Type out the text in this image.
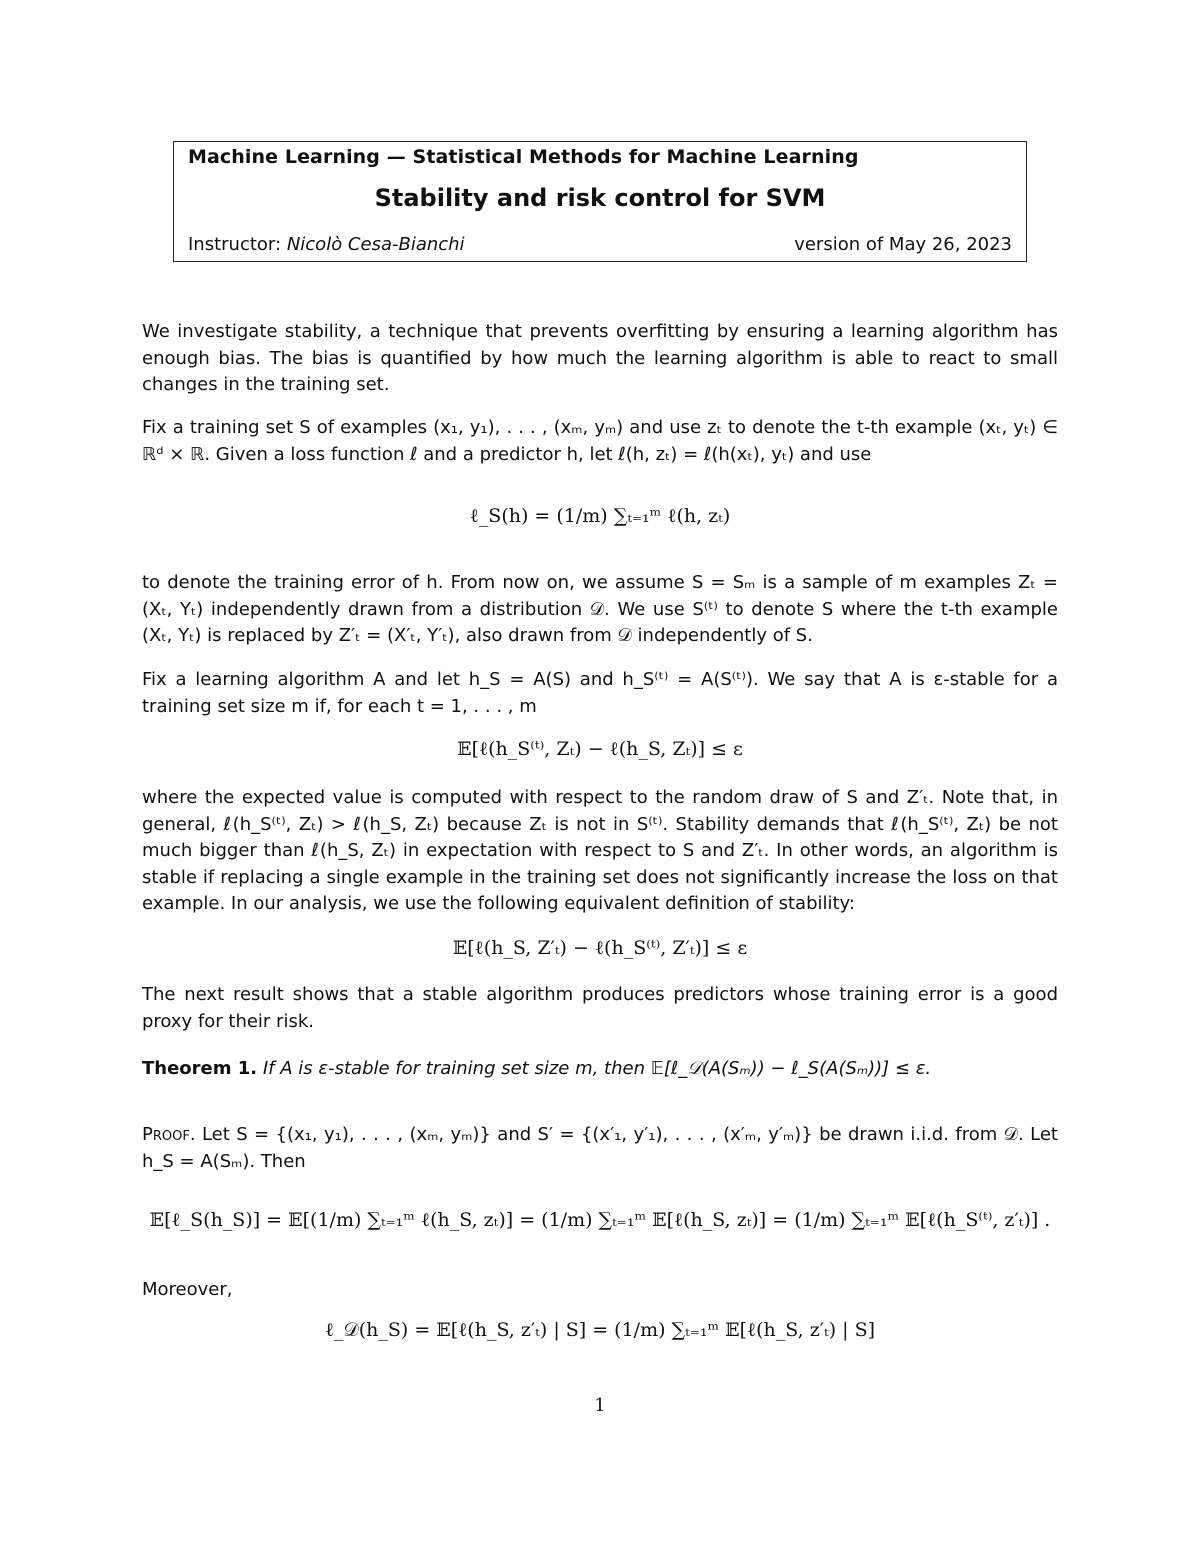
Machine Learning — Statistical Methods for Machine Learning
Stability and risk control for SVM
Instructor: Nicolò Cesa-Bianchi	version of May 26, 2023
We investigate stability, a technique that prevents overfitting by ensuring a learning algorithm has enough bias. The bias is quantified by how much the learning algorithm is able to react to small changes in the training set.
Fix a training set S of examples (x₁, y₁), . . . , (xₘ, yₘ) and use zₜ to denote the t-th example (xₜ, yₜ) ∈ ℝᵈ × ℝ. Given a loss function ℓ and a predictor h, let ℓ(h, zₜ) = ℓ(h(xₜ), yₜ) and use
ℓ_S(h) = (1/m) ∑ₜ₌₁ᵐ ℓ(h, zₜ)
to denote the training error of h. From now on, we assume S = Sₘ is a sample of m examples Zₜ = (Xₜ, Yₜ) independently drawn from a distribution 𝒟. We use S⁽ᵗ⁾ to denote S where the t-th example (Xₜ, Yₜ) is replaced by Z′ₜ = (X′ₜ, Y′ₜ), also drawn from 𝒟 independently of S.
Fix a learning algorithm A and let h_S = A(S) and h_S⁽ᵗ⁾ = A(S⁽ᵗ⁾). We say that A is ε-stable for a training set size m if, for each t = 1, . . . , m
𝔼[ℓ(h_S⁽ᵗ⁾, Zₜ) − ℓ(h_S, Zₜ)] ≤ ε
where the expected value is computed with respect to the random draw of S and Z′ₜ. Note that, in general, ℓ(h_S⁽ᵗ⁾, Zₜ) > ℓ(h_S, Zₜ) because Zₜ is not in S⁽ᵗ⁾. Stability demands that ℓ(h_S⁽ᵗ⁾, Zₜ) be not much bigger than ℓ(h_S, Zₜ) in expectation with respect to S and Z′ₜ. In other words, an algorithm is stable if replacing a single example in the training set does not significantly increase the loss on that example. In our analysis, we use the following equivalent definition of stability:
𝔼[ℓ(h_S, Z′ₜ) − ℓ(h_S⁽ᵗ⁾, Z′ₜ)] ≤ ε
The next result shows that a stable algorithm produces predictors whose training error is a good proxy for their risk.
Theorem 1. If A is ε-stable for training set size m, then 𝔼[ℓ_𝒟(A(Sₘ)) − ℓ_S(A(Sₘ))] ≤ ε.
Proof. Let S = {(x₁, y₁), . . . , (xₘ, yₘ)} and S′ = {(x′₁, y′₁), . . . , (x′ₘ, y′ₘ)} be drawn i.i.d. from 𝒟. Let h_S = A(Sₘ). Then
𝔼[ℓ_S(h_S)] = 𝔼[(1/m) ∑ₜ₌₁ᵐ ℓ(h_S, zₜ)] = (1/m) ∑ₜ₌₁ᵐ 𝔼[ℓ(h_S, zₜ)] = (1/m) ∑ₜ₌₁ᵐ 𝔼[ℓ(h_S⁽ᵗ⁾, z′ₜ)] .
Moreover,
ℓ_𝒟(h_S) = 𝔼[ℓ(h_S, z′ₜ) | S] = (1/m) ∑ₜ₌₁ᵐ 𝔼[ℓ(h_S, z′ₜ) | S]
1
